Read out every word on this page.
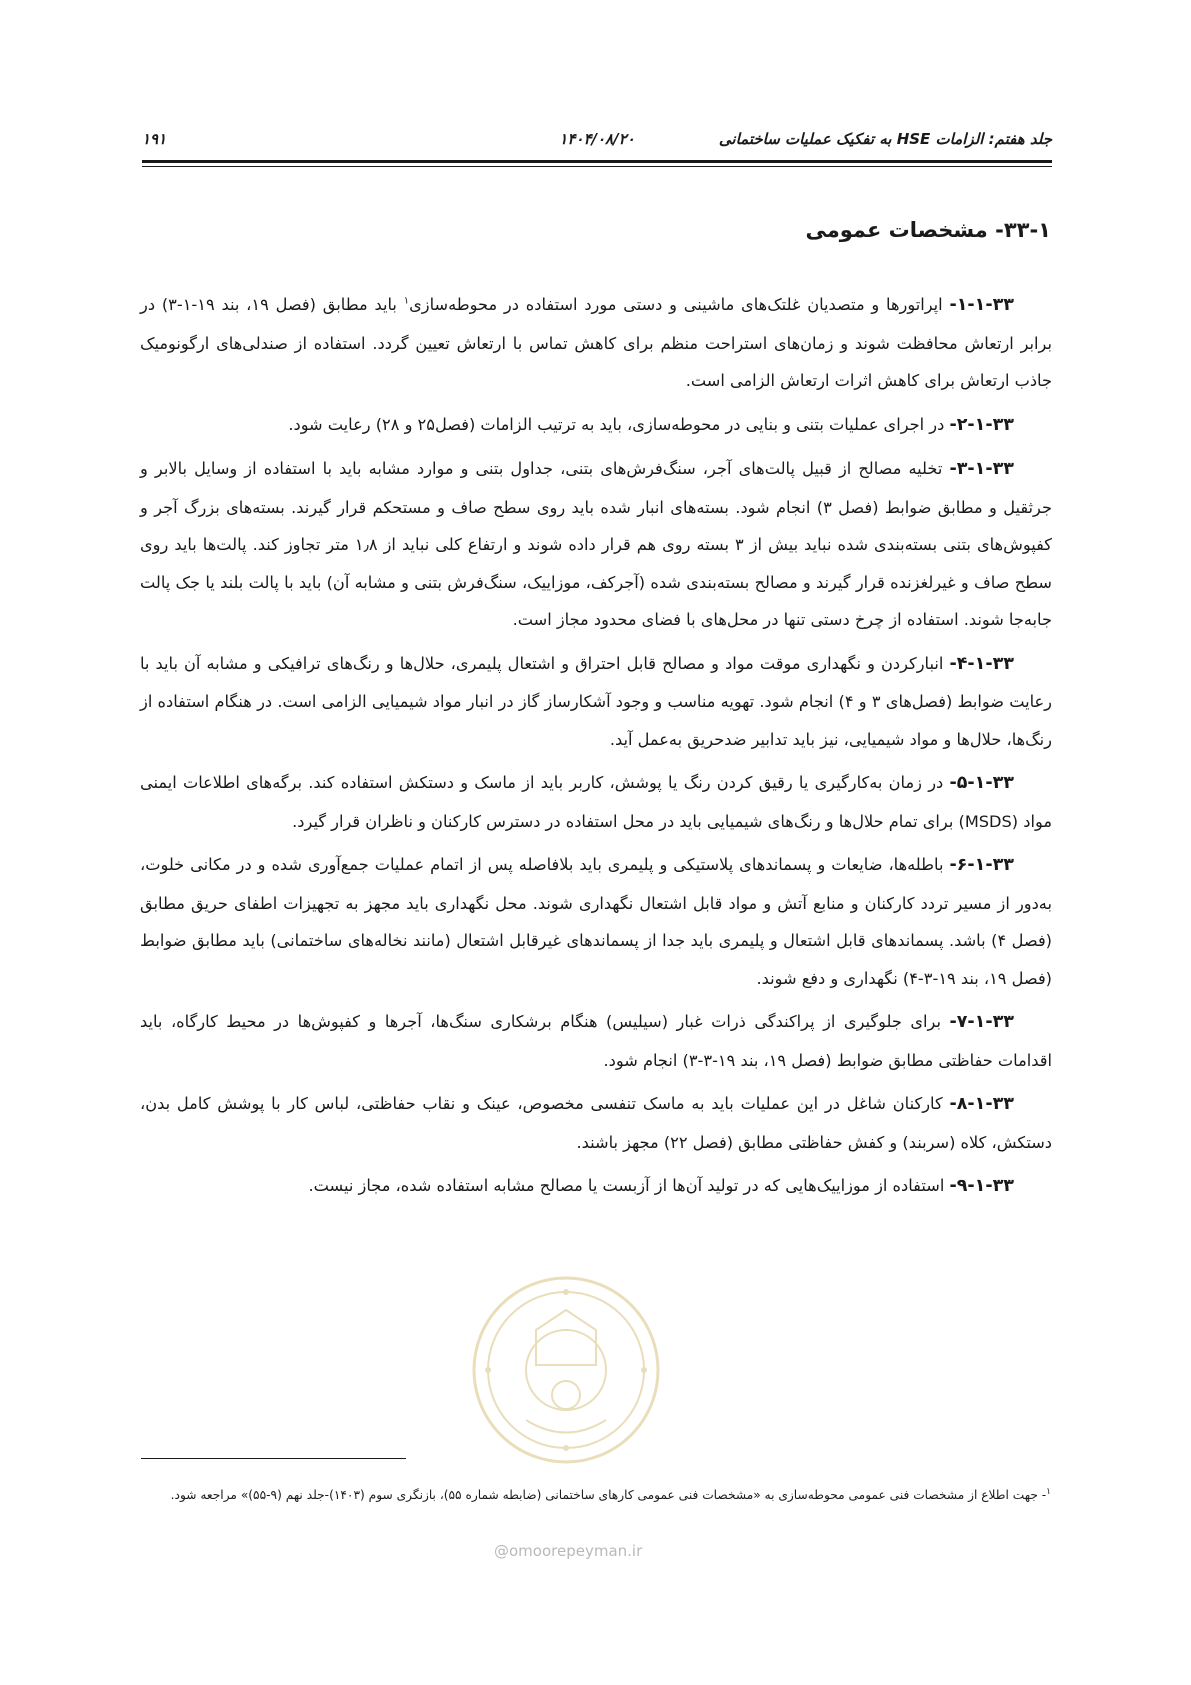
جلد هفتم: الزامات HSE به تفکیک عملیات ساختمانی
۱۴۰۴/۰۸/۲۰
۱۹۱
۳۳-۱- مشخصات عمومی

۱-۱-۳۳- اپراتورها و متصدیان غلتک‌های ماشینی و دستی مورد استفاده در محوطه‌سازی$^۱$ باید مطابق (فصل ۱۹، بند ۱۹-۱-۳) در برابر ارتعاش محافظت شوند و زمان‌های استراحت منظم برای کاهش تماس با ارتعاش تعیین گردد. استفاده از صندلی‌های ارگونومیک جاذب ارتعاش برای کاهش اثرات ارتعاش الزامی است.

۲-۱-۳۳- در اجرای عملیات بتنی و بنایی در محوطه‌سازی، باید به ترتیب الزامات (فصل۲۵ و ۲۸) رعایت شود.

۳-۱-۳۳- تخلیه مصالح از قبیل پالت‌های آجر، سنگ‌فرش‌های بتنی، جداول بتنی و موارد مشابه باید با استفاده از وسایل بالابر و جرثقیل و مطابق ضوابط (فصل ۳) انجام شود. بسته‌های انبار شده باید روی سطح صاف و مستحکم قرار گیرند. بسته‌های بزرگ آجر و کفپوش‌های بتنی بسته‌بندی شده نباید بیش از ۳ بسته روی هم قرار داده شوند و ارتفاع کلی نباید از ۱٫۸ متر تجاوز کند. پالت‌ها باید روی سطح صاف و غیرلغزنده قرار گیرند و مصالح بسته‌بندی شده (آجرکف، موزاییک، سنگ‌فرش بتنی و مشابه آن) باید با پالت بلند یا جک پالت جابه‌جا شوند. استفاده از چرخ دستی تنها در محل‌های با فضای محدود مجاز است.

۴-۱-۳۳- انبارکردن و نگهداری موقت مواد و مصالح قابل احتراق و اشتعال پلیمری، حلال‌ها و رنگ‌های ترافیکی و مشابه آن باید با رعایت ضوابط (فصل‌های ۳ و ۴) انجام شود. تهویه مناسب و وجود آشکارساز گاز در انبار مواد شیمیایی الزامی است. در هنگام استفاده از رنگ‌ها، حلال‌ها و مواد شیمیایی، نیز باید تدابیر ضدحریق به‌عمل آید.

۵-۱-۳۳- در زمان به‌کارگیری یا رقیق کردن رنگ یا پوشش، کاربر باید از ماسک و دستکش استفاده کند. برگه‌های اطلاعات ایمنی مواد (MSDS) برای تمام حلال‌ها و رنگ‌های شیمیایی باید در محل استفاده در دسترس کارکنان و ناظران قرار گیرد.

۶-۱-۳۳- باطله‌ها، ضایعات و پسماندهای پلاستیکی و پلیمری باید بلافاصله پس از اتمام عملیات جمع‌آوری شده و در مکانی خلوت، به‌دور از مسیر تردد کارکنان و منابع آتش و مواد قابل اشتعال نگهداری شوند. محل نگهداری باید مجهز به تجهیزات اطفای حریق مطابق (فصل ۴) باشد. پسماندهای قابل اشتعال و پلیمری باید جدا از پسماندهای غیرقابل اشتعال (مانند نخاله‌های ساختمانی) باید مطابق ضوابط (فصل ۱۹، بند ۱۹-۳-۴) نگهداری و دفع شوند.

۷-۱-۳۳- برای جلوگیری از پراکندگی ذرات غبار (سیلیس) هنگام برشکاری سنگ‌ها، آجرها و کفپوش‌ها در محیط کارگاه، باید اقدامات حفاظتی مطابق ضوابط (فصل ۱۹، بند ۱۹-۳-۳) انجام شود.

۸-۱-۳۳- کارکنان شاغل در این عملیات باید به ماسک تنفسی مخصوص، عینک و نقاب حفاظتی، لباس کار با پوشش کامل بدن، دستکش، کلاه (سربند) و کفش حفاظتی مطابق (فصل ۲۲) مجهز باشند.

۹-۱-۳۳- استفاده از موزاییک‌هایی که در تولید آن‌ها از آزبست یا مصالح مشابه استفاده شده، مجاز نیست.

$^۱$- جهت اطلاع از مشخصات فنی عمومی محوطه‌سازی به «مشخصات فنی عمومی کارهای ساختمانی (ضابطه شماره ۵۵)، بازنگری سوم (۱۴۰۳)-جلد نهم (۹-۵۵)» مراجعه شود.
@omoorepeyman.ir
